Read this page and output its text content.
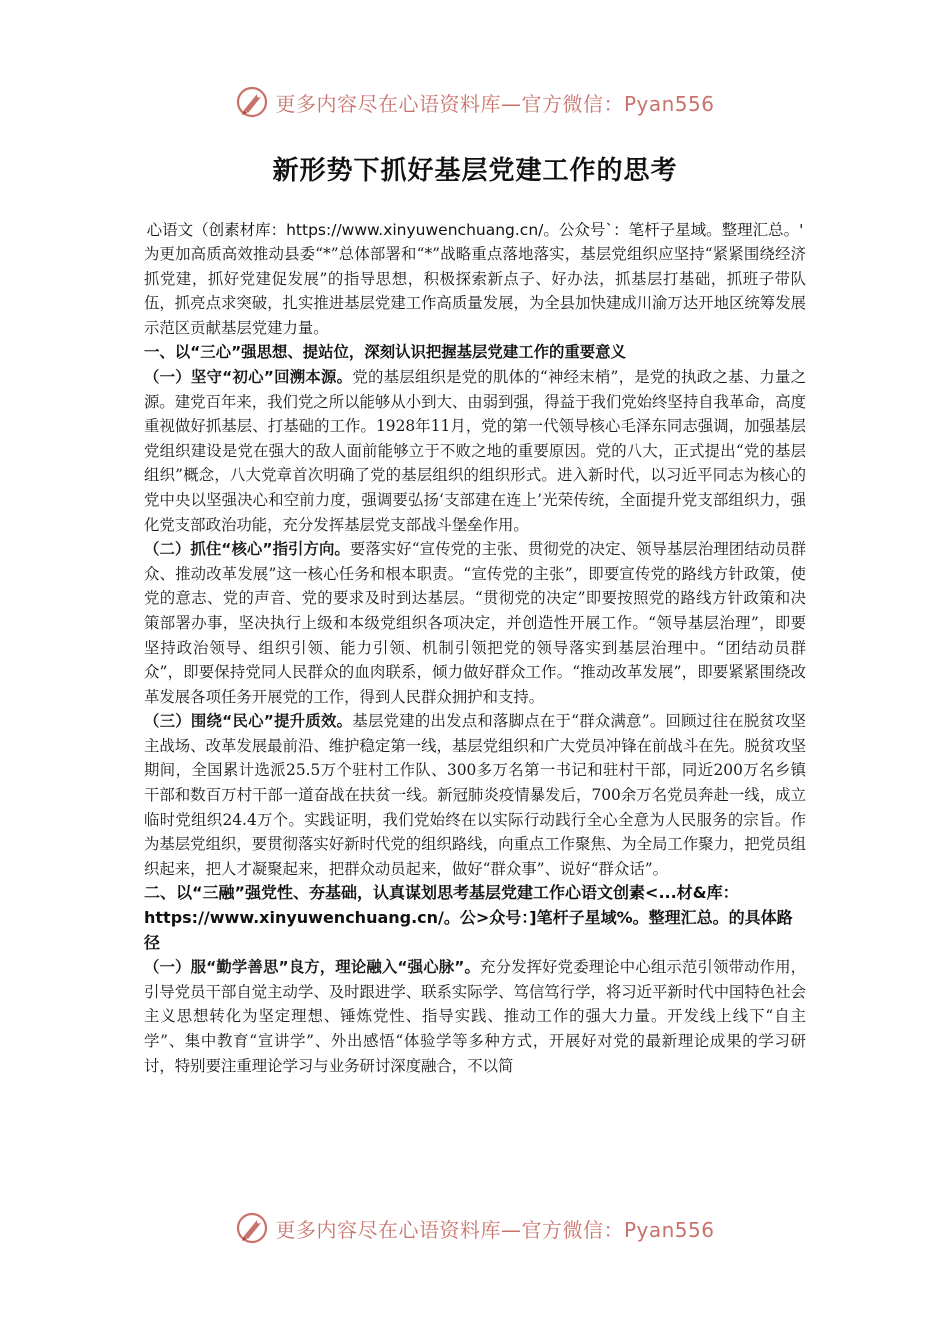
更多内容尽在心语资料库—官方微信：Pyan556
新形势下抓好基层党建工作的思考
心语文（创素材库：https://www.xinyuwenchuang.cn/。公众号`：笔杆子星域。整理汇总。'

为更加高质高效推动县委“*”总体部署和“*”战略重点落地落实，基层党组织应坚持“紧紧围绕经济抓党建，抓好党建促发展”的指导思想，积极探索新点子、好办法，抓基层打基础，抓班子带队伍，抓亮点求突破，扎实推进基层党建工作高质量发展，为全县加快建成川渝万达开地区统筹发展示范区贡献基层党建力量。

一、以“三心”强思想、提站位，深刻认识把握基层党建工作的重要意义

（一）坚守“初心”回溯本源。党的基层组织是党的肌体的“神经末梢”，是党的执政之基、力量之源。建党百年来，我们党之所以能够从小到大、由弱到强，得益于我们党始终坚持自我革命，高度重视做好抓基层、打基础的工作。1928年11月，党的第一代领导核心毛泽东同志强调，加强基层党组织建设是党在强大的敌人面前能够立于不败之地的重要原因。党的八大，正式提出“党的基层组织”概念，八大党章首次明确了党的基层组织的组织形式。进入新时代，以习近平同志为核心的党中央以坚强决心和空前力度，强调要弘扬‘支部建在连上’光荣传统，全面提升党支部组织力，强化党支部政治功能，充分发挥基层党支部战斗堡垒作用。

（二）抓住“核心”指引方向。要落实好“宣传党的主张、贯彻党的决定、领导基层治理团结动员群众、推动改革发展”这一核心任务和根本职责。“宣传党的主张”，即要宣传党的路线方针政策，使党的意志、党的声音、党的要求及时到达基层。“贯彻党的决定”即要按照党的路线方针政策和决策部署办事，坚决执行上级和本级党组织各项决定，并创造性开展工作。“领导基层治理”，即要坚持政治领导、组织引领、能力引领、机制引领把党的领导落实到基层治理中。“团结动员群众”，即要保持党同人民群众的血肉联系，倾力做好群众工作。“推动改革发展”，即要紧紧围绕改革发展各项任务开展党的工作，得到人民群众拥护和支持。

（三）围绕“民心”提升质效。基层党建的出发点和落脚点在于“群众满意”。回顾过往在脱贫攻坚主战场、改革发展最前沿、维护稳定第一线，基层党组织和广大党员冲锋在前战斗在先。脱贫攻坚期间，全国累计选派25.5万个驻村工作队、300多万名第一书记和驻村干部，同近200万名乡镇干部和数百万村干部一道奋战在扶贫一线。新冠肺炎疫情暴发后，700余万名党员奔赴一线，成立临时党组织24.4万个。实践证明，我们党始终在以实际行动践行全心全意为人民服务的宗旨。作为基层党组织，要贯彻落实好新时代党的组织路线，向重点工作聚焦、为全局工作聚力，把党员组织起来，把人才凝聚起来，把群众动员起来，做好“群众事”、说好“群众话”。

二、以“三融”强党性、夯基础，认真谋划思考基层党建工作心语文创素<...材&库：https://www.xinyuwenchuang.cn/。公>众号：]笔杆子星域%。整理汇总。的具体路径

（一）服“勤学善思”良方，理论融入“强心脉”。充分发挥好党委理论中心组示范引领带动作用，引导党员干部自觉主动学、及时跟进学、联系实际学、笃信笃行学，将习近平新时代中国特色社会主义思想转化为坚定理想、锤炼党性、指导实践、推动工作的强大力量。开发线上线下“自主学”、集中教育“宣讲学”、外出感悟“体验学等多种方式，开展好对党的最新理论成果的学习研讨，特别要注重理论学习与业务研讨深度融合，不以简

更多内容尽在心语资料库—官方微信：Pyan556
